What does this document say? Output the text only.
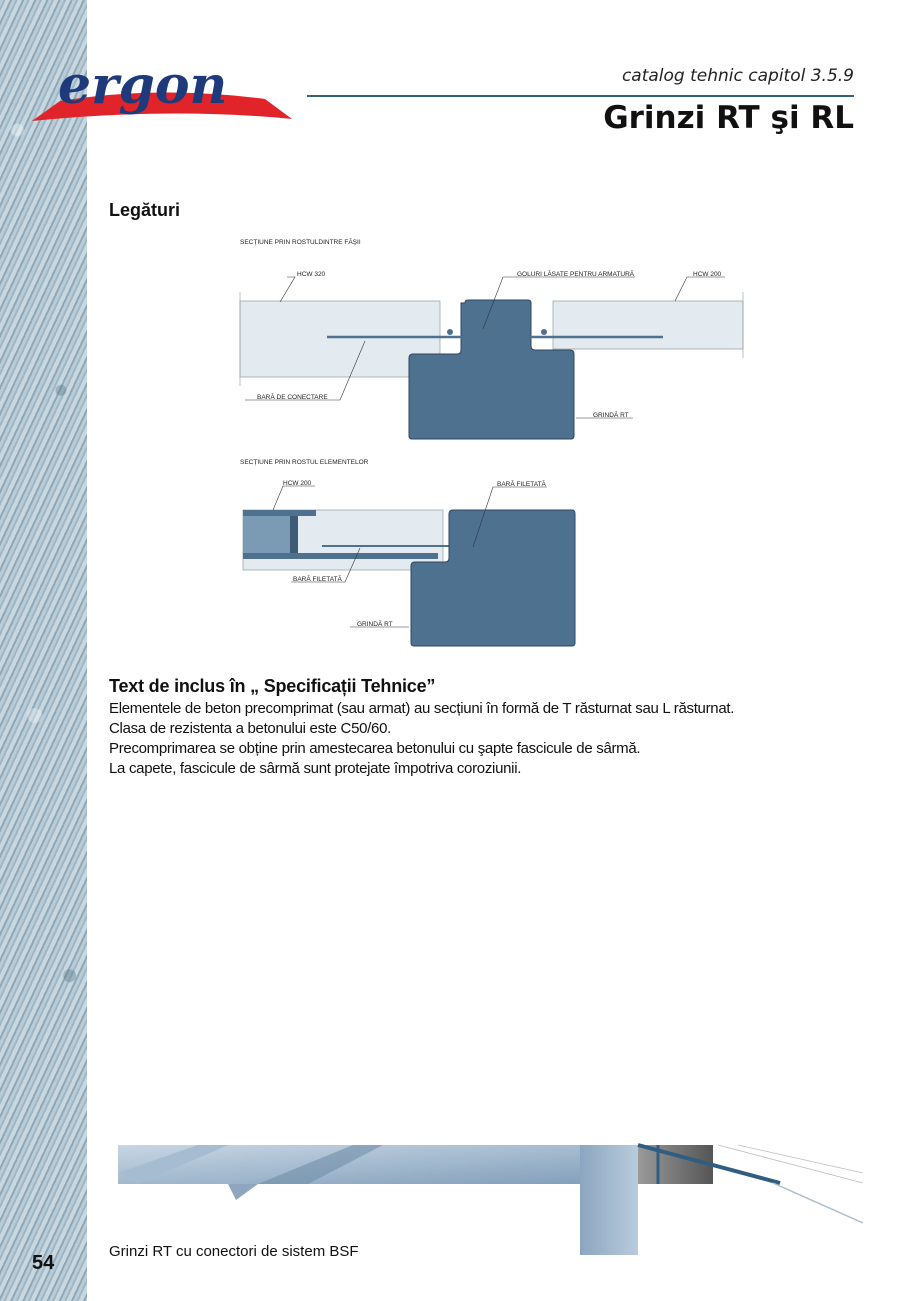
ergon	catalog tehnic capitol 3.5.9
Grinzi RT şi RL
Legături
SECȚIUNE PRIN ROSTULDINTRE FĂŞII
HCW 320	GOLURI LĂSATE PENTRU ARMATURĂ	HCW 200
BARĂ DE CONECTARE
GRINDĂ RT
SECȚIUNE PRIN ROSTUL ELEMENTELOR
HCW 200	BARĂ FILETATĂ
BARĂ FILETATĂ
GRINDĂ RT
Text de inclus în „ Specificații Tehnice”
Elementele de beton precomprimat (sau armat) au secțiuni în formă de T răsturnat sau L răsturnat.
Clasa de rezistenta a betonului este C50/60.
Precomprimarea se obține prin amestecarea betonului cu şapte fascicule de sârmă.
La capete, fascicule de sârmă sunt protejate împotriva coroziunii.
Grinzi RT cu conectori de sistem BSF
54
